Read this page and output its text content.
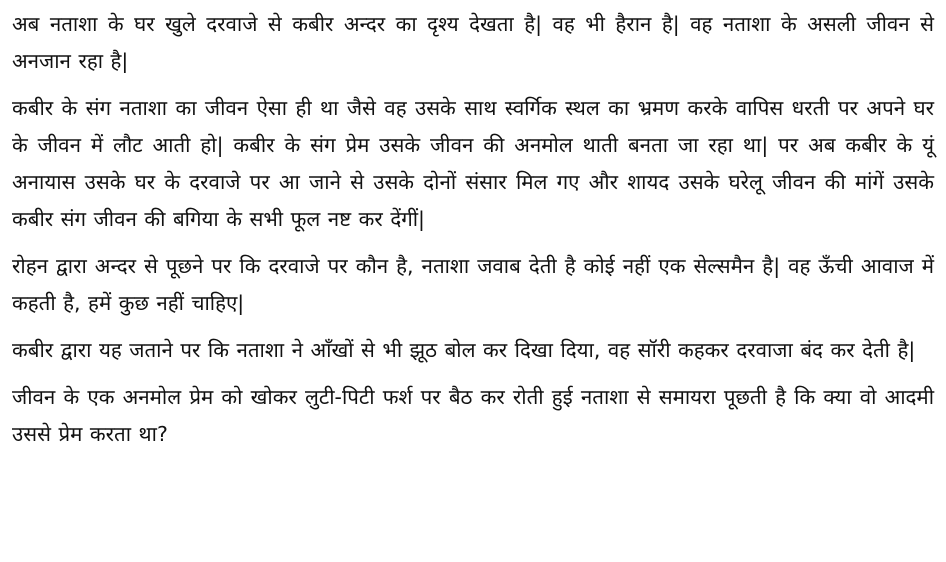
अब नताशा के घर खुले दरवाजे से कबीर अन्दर का दृश्य देखता है| वह भी हैरान है| वह नताशा के असली जीवन से अनजान रहा है|

कबीर के संग नताशा का जीवन ऐसा ही था जैसे वह उसके साथ स्वर्गिक स्थल का भ्रमण करके वापिस धरती पर अपने घर के जीवन में लौट आती हो| कबीर के संग प्रेम उसके जीवन की अनमोल थाती बनता जा रहा था| पर अब कबीर के यूं अनायास उसके घर के दरवाजे पर आ जाने से उसके दोनों संसार मिल गए और शायद उसके घरेलू जीवन की मांगें उसके कबीर संग जीवन की बगिया के सभी फूल नष्ट कर देंगीं|

रोहन द्वारा अन्दर से पूछने पर कि दरवाजे पर कौन है, नताशा जवाब देती है कोई नहीं एक सेल्समैन है| वह ऊँची आवाज में कहती है, हमें कुछ नहीं चाहिए|

कबीर द्वारा यह जताने पर कि नताशा ने आँखों से भी झूठ बोल कर दिखा दिया, वह सॉरी कहकर दरवाजा बंद कर देती है|

जीवन के एक अनमोल प्रेम को खोकर लुटी-पिटी फर्श पर बैठ कर रोती हुई नताशा से समायरा पूछती है कि क्या वो आदमी उससे प्रेम करता था?
